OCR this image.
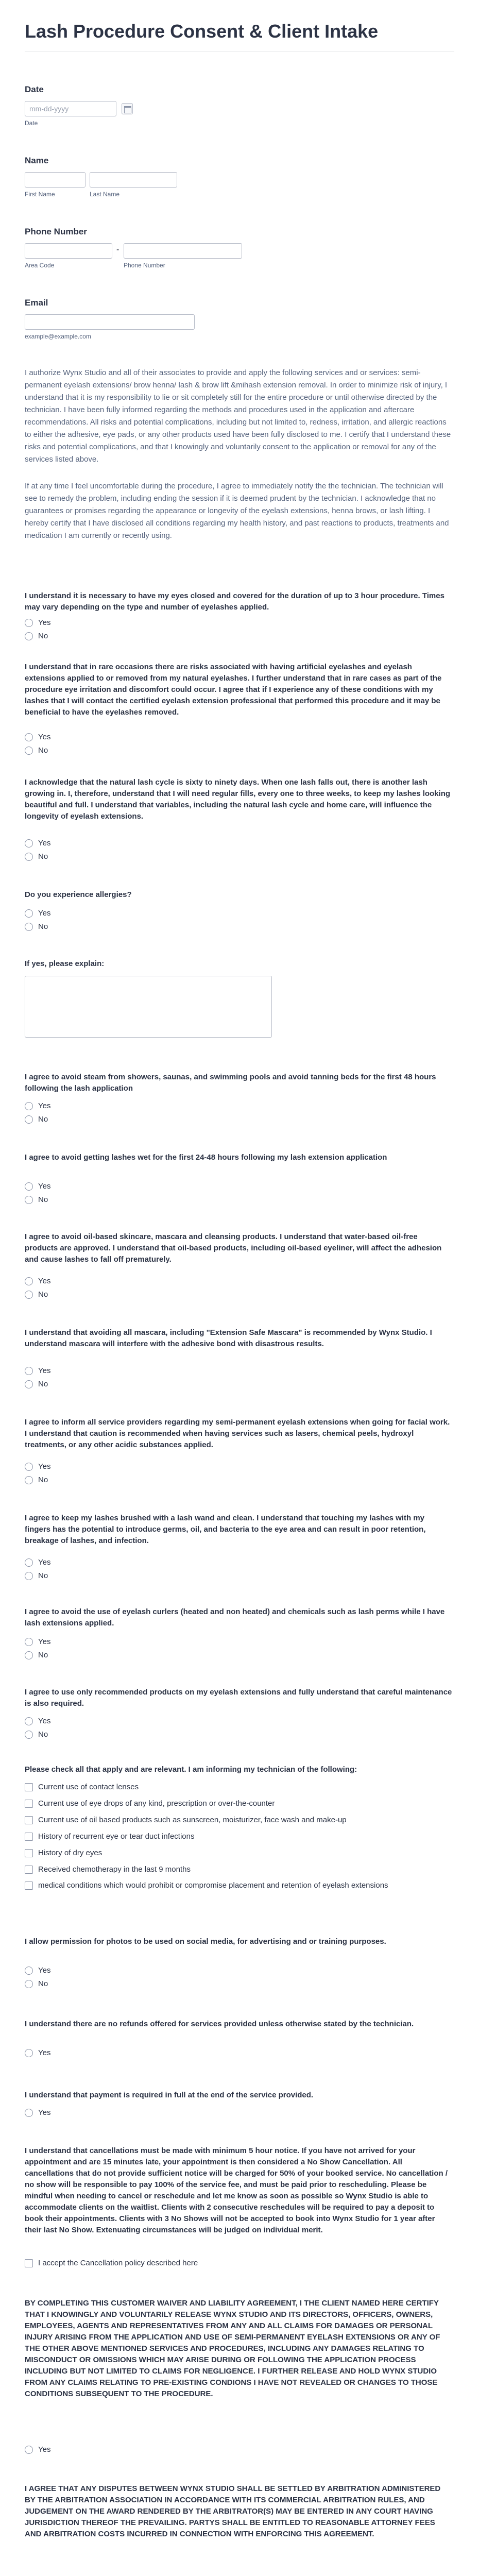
Lash Procedure Consent & Client Intake
Date
mm-dd-yyyy
Date
Name
First Name	Last Name
Phone Number
-
Area Code	Phone Number
Email
example@example.com

I authorize Wynx Studio and all of their associates to provide and apply the following services and or services: semi-permanent eyelash extensions/ brow henna/ lash & brow lift &mihash extension removal. In order to minimize risk of injury, I understand that it is my responsibility to lie or sit completely still for the entire procedure or until otherwise directed by the technician. I have been fully informed regarding the methods and procedures used in the application and aftercare recommendations. All risks and potential complications, including but not limited to, redness, irritation, and allergic reactions to either the adhesive, eye pads, or any other products used have been fully disclosed to me. I certify that I understand these risks and potential complications, and that I knowingly and voluntarily consent to the application or removal for any of the services listed above.

If at any time I feel uncomfortable during the procedure, I agree to immediately notify the the technician. The technician will see to remedy the problem, including ending the session if it is deemed prudent by the technician. I acknowledge that no guarantees or promises regarding the appearance or longevity of the eyelash extensions, henna brows, or lash lifting. I hereby certify that I have disclosed all conditions regarding my health history, and past reactions to products, treatments and medication I am currently or recently using.

I understand it is necessary to have my eyes closed and covered for the duration of up to 3 hour procedure. Times may vary depending on the type and number of eyelashes applied.

Yes
No

I understand that in rare occasions there are risks associated with having artificial eyelashes and eyelash extensions applied to or removed from my natural eyelashes. I further understand that in rare cases as part of the procedure eye irritation and discomfort could occur. I agree that if I experience any of these conditions with my lashes that I will contact the certified eyelash extension professional that performed this procedure and it may be beneficial to have the eyelashes removed.

Yes
No

I acknowledge that the natural lash cycle is sixty to ninety days. When one lash falls out, there is another lash growing in. I, therefore, understand that I will need regular fills, every one to three weeks, to keep my lashes looking beautiful and full. I understand that variables, including the natural lash cycle and home care, will influence the longevity of eyelash extensions.

Yes
No

Do you experience allergies?

Yes
No

If yes, please explain:

I agree to avoid steam from showers, saunas, and swimming pools and avoid tanning beds for the first 48 hours following the lash application

Yes
No

I agree to avoid getting lashes wet for the first 24-48 hours following my lash extension application

Yes
No

I agree to avoid oil-based skincare, mascara and cleansing products. I understand that water-based oil-free products are approved. I understand that oil-based products, including oil-based eyeliner, will affect the adhesion and cause lashes to fall off prematurely.

Yes
No

I understand that avoiding all mascara, including "Extension Safe Mascara" is recommended by Wynx Studio. I understand mascara will interfere with the adhesive bond with disastrous results.

Yes
No

I agree to inform all service providers regarding my semi-permanent eyelash extensions when going for facial work. I understand that caution is recommended when having services such as lasers, chemical peels, hydroxyl treatments, or any other acidic substances applied.

Yes
No

I agree to keep my lashes brushed with a lash wand and clean. I understand that touching my lashes with my fingers has the potential to introduce germs, oil, and bacteria to the eye area and can result in poor retention, breakage of lashes, and infection.

Yes
No

I agree to avoid the use of eyelash curlers (heated and non heated) and chemicals such as lash perms while I have lash extensions applied.

Yes
No

I agree to use only recommended products on my eyelash extensions and fully understand that careful maintenance is also required.

Yes
No

Please check all that apply and are relevant. I am informing my technician of the following:

Current use of contact lenses
Current use of eye drops of any kind, prescription or over-the-counter
Current use of oil based products such as sunscreen, moisturizer, face wash and make-up
History of recurrent eye or tear duct infections
History of dry eyes
Received chemotherapy in the last 9 months
medical conditions which would prohibit or compromise placement and retention of eyelash extensions

I allow permission for photos to be used on social media, for advertising and or training purposes.

Yes
No

I understand there are no refunds offered for services provided unless otherwise stated by the technician.

Yes

I understand that payment is required in full at the end of the service provided.

Yes

I understand that cancellations must be made with minimum 5 hour notice. If you have not arrived for your appointment and are 15 minutes late, your appointment is then considered a No Show Cancellation. All cancellations that do not provide sufficient notice will be charged for 50% of your booked service. No cancellation / no show will be responsible to pay 100% of the service fee, and must be paid prior to rescheduling. Please be mindful when needing to cancel or reschedule and let me know as soon as possible so Wynx Studio is able to accommodate clients on the waitlist. Clients with 2 consecutive reschedules will be required to pay a deposit to book their appointments. Clients with 3 No Shows will not be accepted to book into Wynx Studio for 1 year after their last No Show. Extenuating circumstances will be judged on individual merit.

I accept the Cancellation policy described here

BY COMPLETING THIS CUSTOMER WAIVER AND LIABILITY AGREEMENT, I THE CLIENT NAMED HERE CERTIFY THAT I KNOWINGLY AND VOLUNTARILY RELEASE WYNX STUDIO AND ITS DIRECTORS, OFFICERS, OWNERS, EMPLOYEES, AGENTS AND REPRESENTATIVES FROM ANY AND ALL CLAIMS FOR DAMAGES OR PERSONAL INJURY ARISING FROM THE APPLICATION AND USE OF SEMI-PERMANENT EYELASH EXTENSIONS OR ANY OF THE OTHER ABOVE MENTIONED SERVICES AND PROCEDURES, INCLUDING ANY DAMAGES RELATING TO MISCONDUCT OR OMISSIONS WHICH MAY ARISE DURING OR FOLLOWING THE APPLICATION PROCESS INCLUDING BUT NOT LIMITED TO CLAIMS FOR NEGLIGENCE. I FURTHER RELEASE AND HOLD WYNX STUDIO FROM ANY CLAIMS RELATING TO PRE-EXISTING CONDIONS I HAVE NOT REVEALED OR CHANGES TO THOSE CONDITIONS SUBSEQUENT TO THE PROCEDURE.

Yes

I AGREE THAT ANY DISPUTES BETWEEN WYNX STUDIO SHALL BE SETTLED BY ARBITRATION ADMINISTERED BY THE ARBITRATION ASSOCIATION IN ACCORDANCE WITH ITS COMMERCIAL ARBITRATION RULES, AND JUDGEMENT ON THE AWARD RENDERED BY THE ARBITRATOR(S) MAY BE ENTERED IN ANY COURT HAVING JURISDICTION THEREOF THE PREVAILING. PARTYS SHALL BE ENTITLED TO REASONABLE ATTORNEY FEES AND ARBITRATION COSTS INCURRED IN CONNECTION WITH ENFORCING THIS AGREEMENT.
